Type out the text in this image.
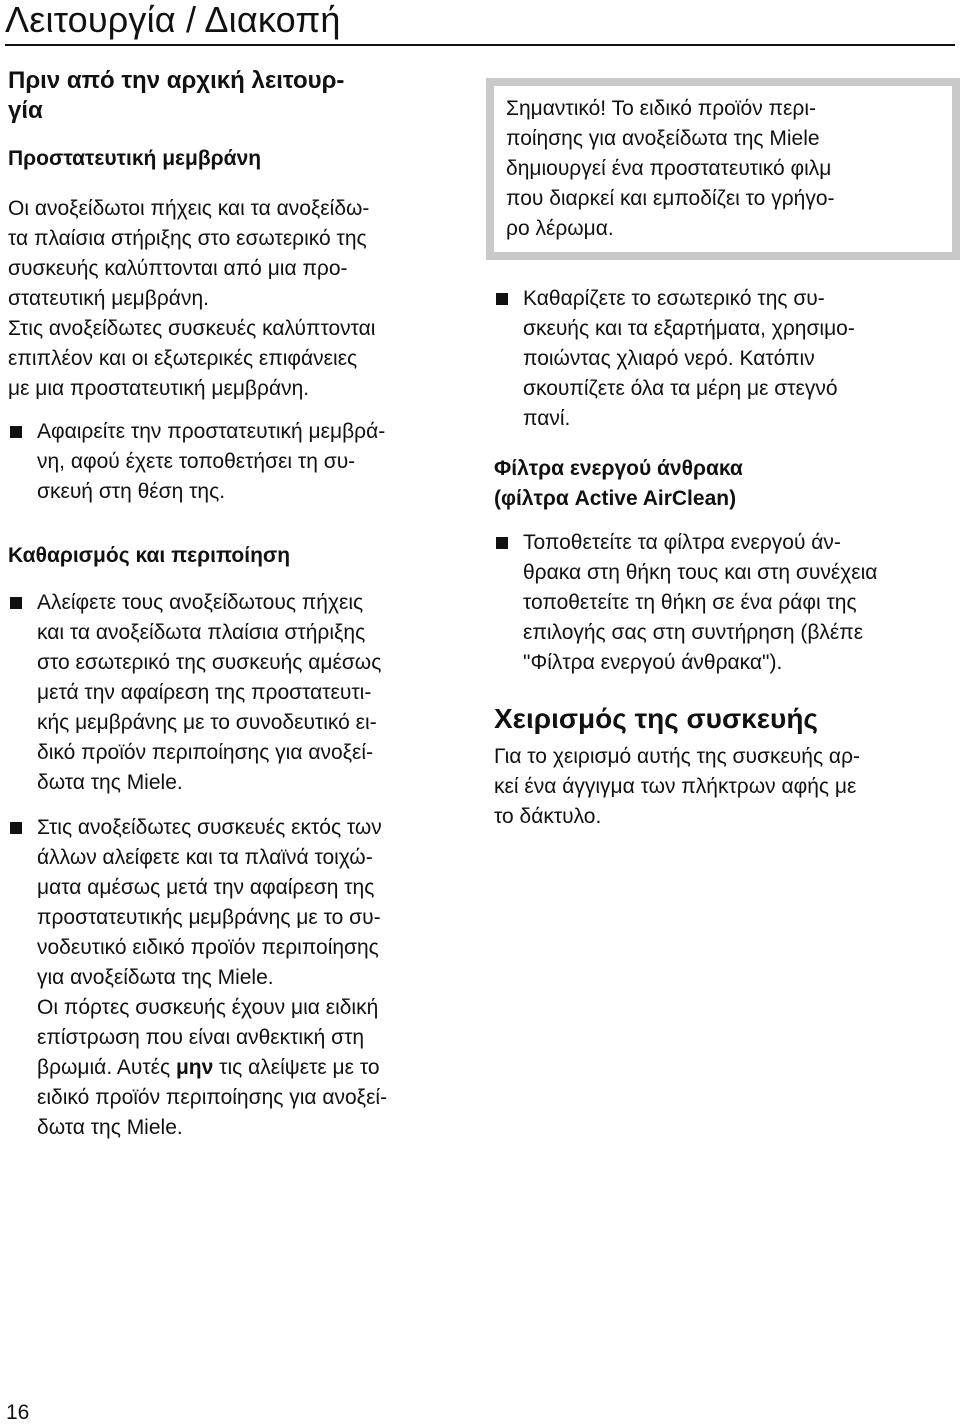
Λειτουργία / Διακοπή

Πριν από την αρχική λειτουρ-
γία

Προστατευτική μεμβράνη

Οι ανοξείδωτοι πήχεις και τα ανοξείδω-
τα πλαίσια στήριξης στο εσωτερικό της
συσκευής καλύπτονται από μια προ-
στατευτική μεμβράνη.
Στις ανοξείδωτες συσκευές καλύπτονται
επιπλέον και οι εξωτερικές επιφάνειες
με μια προστατευτική μεμβράνη.

Αφαιρείτε την προστατευτική μεμβρά-
νη, αφού έχετε τοποθετήσει τη συ-
σκευή στη θέση της.

Καθαρισμός και περιποίηση

Αλείφετε τους ανοξείδωτους πήχεις
και τα ανοξείδωτα πλαίσια στήριξης
στο εσωτερικό της συσκευής αμέσως
μετά την αφαίρεση της προστατευτι-
κής μεμβράνης με το συνοδευτικό ει-
δικό προϊόν περιποίησης για ανοξεί-
δωτα της Miele.
Στις ανοξείδωτες συσκευές εκτός των
άλλων αλείφετε και τα πλαϊνά τοιχώ-
ματα αμέσως μετά την αφαίρεση της
προστατευτικής μεμβράνης με το συ-
νοδευτικό ειδικό προϊόν περιποίησης
για ανοξείδωτα της Miele.
Οι πόρτες συσκευής έχουν μια ειδική
επίστρωση που είναι ανθεκτική στη
βρωμιά. Αυτές μην τις αλείψετε με το
ειδικό προϊόν περιποίησης για ανοξεί-
δωτα της Miele.

Σημαντικό! Το ειδικό προϊόν περι-
ποίησης για ανοξείδωτα της Miele
δημιουργεί ένα προστατευτικό φιλμ
που διαρκεί και εμποδίζει το γρήγο-
ρο λέρωμα.

Καθαρίζετε το εσωτερικό της συ-
σκευής και τα εξαρτήματα, χρησιμο-
ποιώντας χλιαρό νερό. Κατόπιν
σκουπίζετε όλα τα μέρη με στεγνό
πανί.

Φίλτρα ενεργού άνθρακα
(φίλτρα Active AirClean)

Τοποθετείτε τα φίλτρα ενεργού άν-
θρακα στη θήκη τους και στη συνέχεια
τοποθετείτε τη θήκη σε ένα ράφι της
επιλογής σας στη συντήρηση (βλέπε
"Φίλτρα ενεργού άνθρακα").

Χειρισμός της συσκευής

Για το χειρισμό αυτής της συσκευής αρ-
κεί ένα άγγιγμα των πλήκτρων αφής με
το δάκτυλο.

16
